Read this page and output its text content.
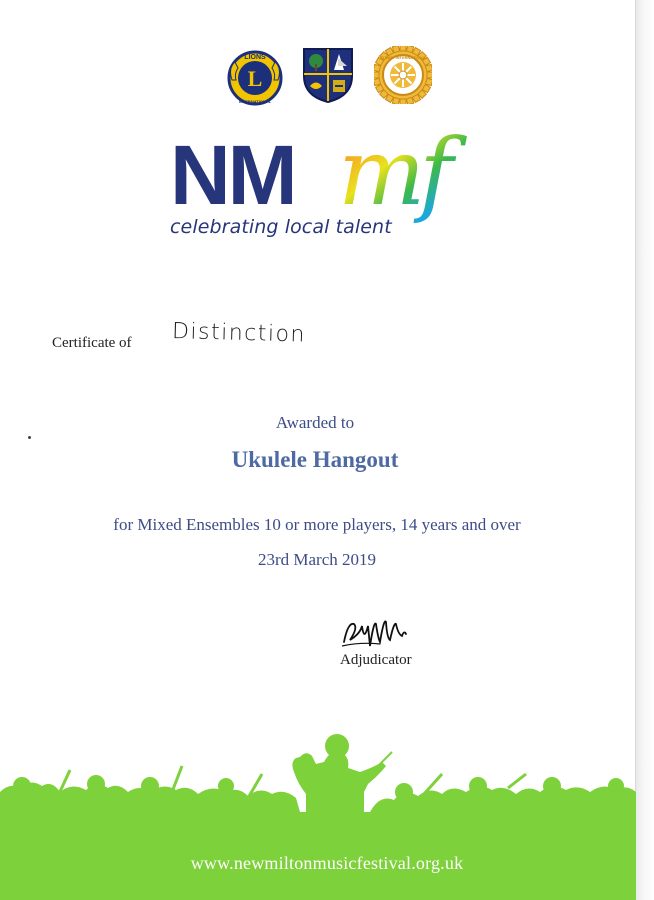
L
LIONS
INTERNATIONAL
ROTARY INTERNATIONAL
NM mf
celebrating local talent
Certificate of Distinction
Awarded to
Ukulele Hangout
for Mixed Ensembles 10 or more players, 14 years and over
23rd March 2019
Adjudicator
www.newmiltonmusicfestival.org.uk
